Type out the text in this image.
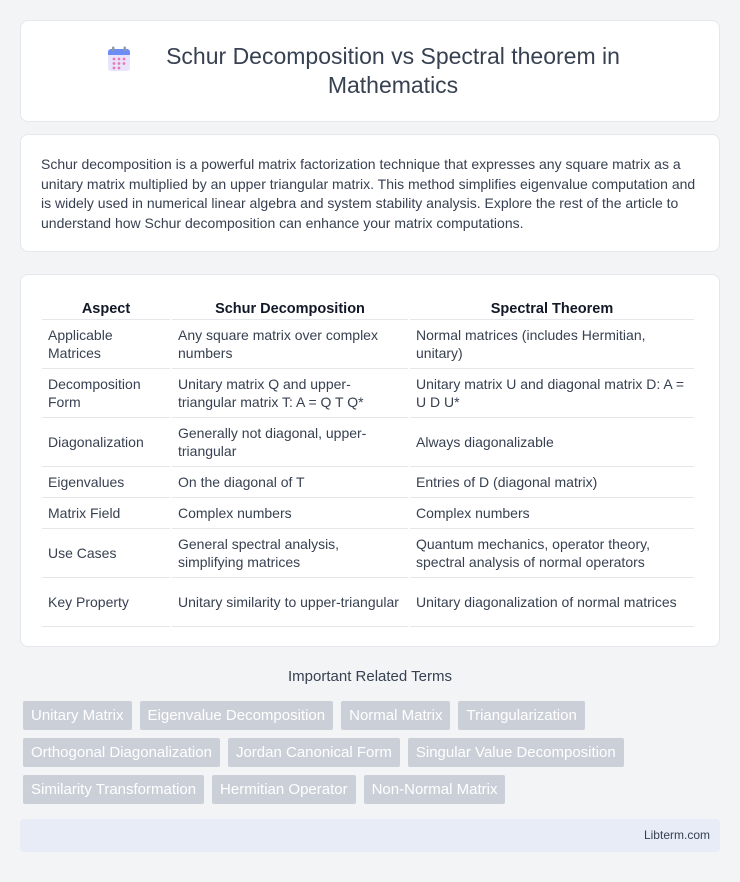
Schur Decomposition vs Spectral theorem in Mathematics

Schur decomposition is a powerful matrix factorization technique that expresses any square matrix as a unitary matrix multiplied by an upper triangular matrix. This method simplifies eigenvalue computation and is widely used in numerical linear algebra and system stability analysis. Explore the rest of the article to understand how Schur decomposition can enhance your matrix computations.

Aspect	Schur Decomposition	Spectral Theorem
Applicable Matrices	Any square matrix over complex numbers	Normal matrices (includes Hermitian, unitary)
Decomposition Form	Unitary matrix Q and upper-triangular matrix T: A = Q T Q*	Unitary matrix U and diagonal matrix D: A = U D U*
Diagonalization	Generally not diagonal, upper-triangular	Always diagonalizable
Eigenvalues	On the diagonal of T	Entries of D (diagonal matrix)
Matrix Field	Complex numbers	Complex numbers
Use Cases	General spectral analysis, simplifying matrices	Quantum mechanics, operator theory, spectral analysis of normal operators
Key Property	Unitary similarity to upper-triangular	Unitary diagonalization of normal matrices
Important Related Terms
Unitary Matrix	Eigenvalue Decomposition	Normal Matrix	Triangularization
Orthogonal Diagonalization	Jordan Canonical Form	Singular Value Decomposition
Similarity Transformation	Hermitian Operator	Non-Normal Matrix
Libterm.com
